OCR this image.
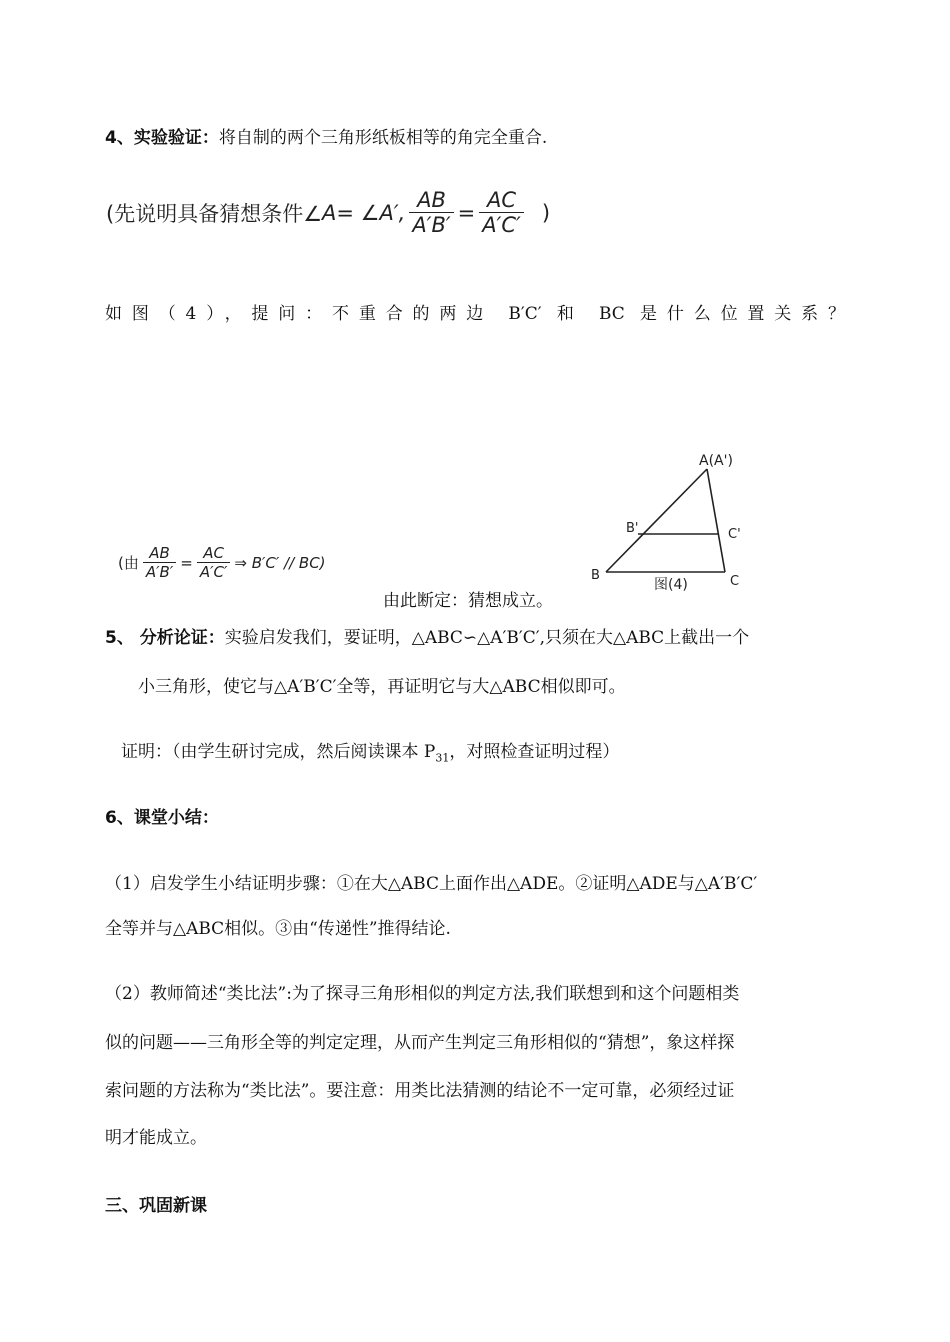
4、实验验证：将自制的两个三角形纸板相等的角完全重合.
(先说明具备猜想条件∠ A = ∠ A′, $\frac{AB}{A'B'} = \frac{AC}{A'C'}$ )
如图（4），提问：不重合的两边 B′C′ 和 BC 是什么位置关系？
(由 $\frac{AB}{A'B'} = \frac{AC}{A'C'}$ ⇒ B′C′ // BC)
A(A')
B'	C'
B	C
图(4)
由此断定：猜想成立。
5、 分析论证：实验启发我们，要证明，△ABC∽△A′B′C′,只须在大△ABC上截出一个
小三角形，使它与△A′B′C′全等，再证明它与大△ABC相似即可。
证明：（由学生研讨完成，然后阅读课本 $P_{31}$，对照检查证明过程）
6、课堂小结：
（1）启发学生小结证明步骤：①在大△ABC上面作出△ADE。②证明△ADE与△A′B′C′
全等并与△ABC相似。③由“传递性”推得结论.
（2）教师简述“类比法”:为了探寻三角形相似的判定方法,我们联想到和这个问题相类
似的问题——三角形全等的判定定理，从而产生判定三角形相似的“猜想”，象这样探
索问题的方法称为“类比法”。要注意：用类比法猜测的结论不一定可靠，必须经过证
明才能成立。
三、巩固新课
